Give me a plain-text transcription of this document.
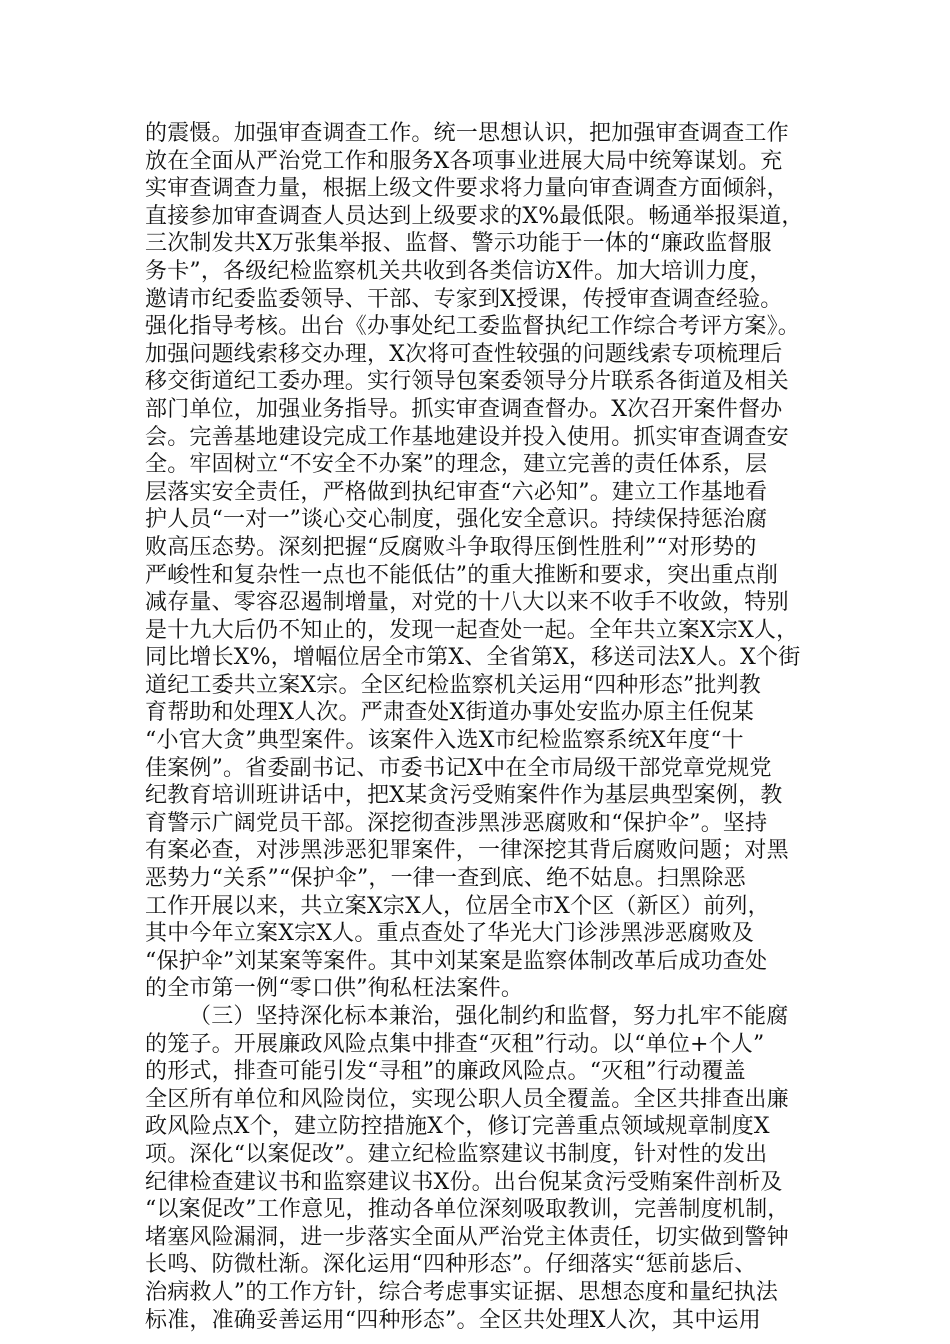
的震慑。加强审查调查工作。统一思想认识，把加强审查调查工作
放在全面从严治党工作和服务X各项事业进展大局中统筹谋划。充
实审查调查力量，根据上级文件要求将力量向审查调查方面倾斜，
直接参加审查调查人员达到上级要求的X%最低限。畅通举报渠道，
三次制发共X万张集举报、监督、警示功能于一体的“廉政监督服
务卡”，各级纪检监察机关共收到各类信访X件。加大培训力度，
邀请市纪委监委领导、干部、专家到X授课，传授审查调查经验。
强化指导考核。出台《办事处纪工委监督执纪工作综合考评方案》。
加强问题线索移交办理，X次将可查性较强的问题线索专项梳理后
移交街道纪工委办理。实行领导包案委领导分片联系各街道及相关
部门单位，加强业务指导。抓实审查调查督办。X次召开案件督办
会。完善基地建设完成工作基地建设并投入使用。抓实审查调查安
全。牢固树立“不安全不办案”的理念，建立完善的责任体系，层
层落实安全责任，严格做到执纪审查“六必知”。建立工作基地看
护人员“一对一”谈心交心制度，强化安全意识。持续保持惩治腐
败高压态势。深刻把握“反腐败斗争取得压倒性胜利”“对形势的
严峻性和复杂性一点也不能低估”的重大推断和要求，突出重点削
减存量、零容忍遏制增量，对党的十八大以来不收手不收敛，特别
是十九大后仍不知止的，发现一起查处一起。全年共立案X宗X人，
同比增长X%，增幅位居全市第X、全省第X，移送司法X人。X个街
道纪工委共立案X宗。全区纪检监察机关运用“四种形态”批判教
育帮助和处理X人次。严肃查处X街道办事处安监办原主任倪某
“小官大贪”典型案件。该案件入选X市纪检监察系统X年度“十
佳案例”。省委副书记、市委书记X中在全市局级干部党章党规党
纪教育培训班讲话中，把X某贪污受贿案件作为基层典型案例，教
育警示广阔党员干部。深挖彻查涉黑涉恶腐败和“保护伞”。坚持
有案必查，对涉黑涉恶犯罪案件，一律深挖其背后腐败问题；对黑
恶势力“关系”“保护伞”，一律一查到底、绝不姑息。扫黑除恶
工作开展以来，共立案X宗X人，位居全市X个区（新区）前列，
其中今年立案X宗X人。重点查处了华光大门诊涉黑涉恶腐败及
“保护伞”刘某案等案件。其中刘某案是监察体制改革后成功查处
的全市第一例“零口供”徇私枉法案件。
（三）坚持深化标本兼治，强化制约和监督，努力扎牢不能腐
的笼子。开展廉政风险点集中排查“灭租”行动。以“单位+个人”
的形式，排查可能引发“寻租”的廉政风险点。“灭租”行动覆盖
全区所有单位和风险岗位，实现公职人员全覆盖。全区共排查出廉
政风险点X个，建立防控措施X个，修订完善重点领域规章制度X
项。深化“以案促改”。建立纪检监察建议书制度，针对性的发出
纪律检查建议书和监察建议书X份。出台倪某贪污受贿案件剖析及
“以案促改”工作意见，推动各单位深刻吸取教训，完善制度机制，
堵塞风险漏洞，进一步落实全面从严治党主体责任，切实做到警钟
长鸣、防微杜渐。深化运用“四种形态”。仔细落实“惩前毖后、
治病救人”的工作方针，综合考虑事实证据、思想态度和量纪执法
标准，准确妥善运用“四种形态”。全区共处理X人次，其中运用
